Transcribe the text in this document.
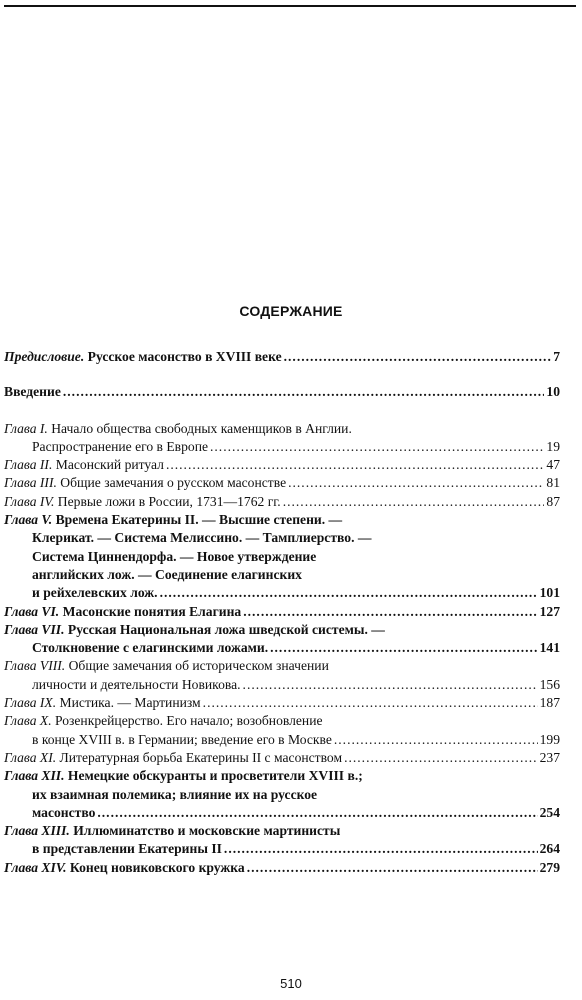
СОДЕРЖАНИЕ
Предисловие.
Русское масонство в XVIII веке . . .	7
Введение . . .	10
Глава I.
Начало общества свободных каменщиков в Англии.
Распространение его в Европе . . .	19
Глава II.
Масонский ритуал . . .	47
Глава III.
Общие замечания о русском масонстве . . .	81
Глава IV.
Первые ложи в России, 1731—1762 гг. . . .	87
Глава V.
Времена Екатерины II. — Высшие степени. —
Клерикат. — Система Мелиссино. — Тамплиерство. —
Система Циннендорфа. — Новое утверждение
английских лож. — Соединение елагинских
и рейхелевских лож. . . .	101
Глава VI.
Масонские понятия Елагина . . .	127
Глава VII.
Русская Национальная ложа шведской системы. —
Столкновение с елагинскими ложами. . . .	141
Глава VIII.
Общие замечания об историческом значении
личности и деятельности Новикова. . . .	156
Глава IX.
Мистика. — Мартинизм . . .	187
Глава X.
Розенкрейцерство. Его начало; возобновление
в конце XVIII в. в Германии; введение его в Москве . . .	199
Глава XI.
Литературная борьба Екатерины II с масонством . . .	237
Глава XII.
Немецкие обскуранты и просветители XVIII в.;
их взаимная полемика; влияние их на русское
масонство . . .	254
Глава XIII.
Иллюминатство и московские мартинисты
в представлении Екатерины II . . .	264
Глава XIV.
Конец новиковского кружка . . .	279
510
